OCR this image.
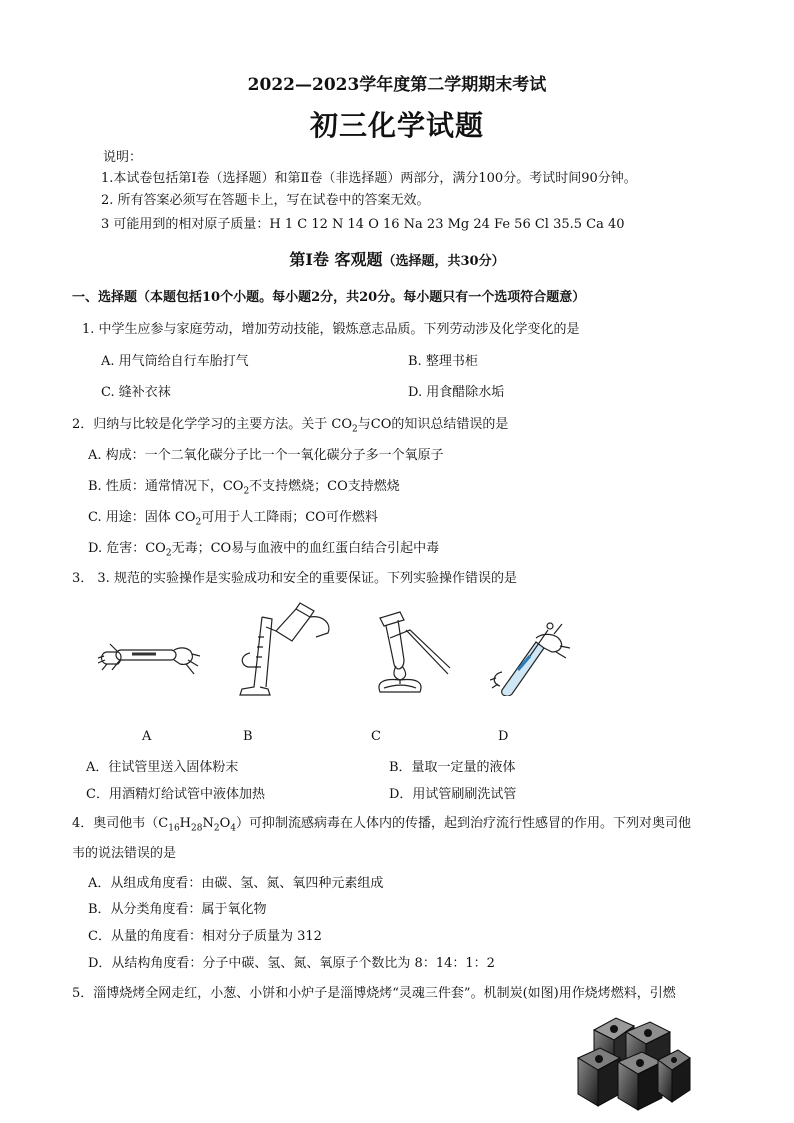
2022—2023学年度第二学期期末考试
初三化学试题
说明：
1.本试卷包括第Ⅰ卷（选择题）和第Ⅱ卷（非选择题）两部分，满分100分。考试时间90分钟。
2. 所有答案必须写在答题卡上，写在试卷中的答案无效。
3 可能用到的相对原子质量：H 1 C 12 N 14 O 16 Na 23 Mg 24 Fe 56 Cl 35.5 Ca 40
第Ⅰ卷 客观题（选择题，共30分）
一、选择题（本题包括10个小题。每小题2分，共20分。每小题只有一个选项符合题意）
1. 中学生应参与家庭劳动，增加劳动技能，锻炼意志品质。下列劳动涉及化学变化的是
A. 用气筒给自行车胎打气	B. 整理书柜
C. 缝补衣袜	D. 用食醋除水垢
2．归纳与比较是化学学习的主要方法。关于 $CO_2$与CO的知识总结错误的是
A. 构成：一个二氧化碳分子比一个一氧化碳分子多一个氧原子
B. 性质：通常情况下，$CO_2$不支持燃烧；CO支持燃烧
C. 用途：固体 $CO_2$可用于人工降雨；CO可作燃料
D. 危害：$CO_2$无毒；CO易与血液中的血红蛋白结合引起中毒
3． 3. 规范的实验操作是实验成功和安全的重要保证。下列实验操作错误的是
A	B	C	D
A．往试管里送入固体粉末	B．量取一定量的液体
C．用酒精灯给试管中液体加热	D．用试管刷刷洗试管
4．奥司他韦$(C_{16}H_{28}N_2O_4)$可抑制流感病毒在人体内的传播，起到治疗流行性感冒的作用。下列对奥司他
韦的说法错误的是
A．从组成角度看：由碳、氢、氮、氧四种元素组成
B．从分类角度看：属于氧化物
C．从量的角度看：相对分子质量为 312
D．从结构角度看：分子中碳、氢、氮、氧原子个数比为 8：14：1：2
5．淄博烧烤全网走红，小葱、小饼和小炉子是淄博烧烤“灵魂三件套”。机制炭(如图)用作烧烤燃料，引燃
